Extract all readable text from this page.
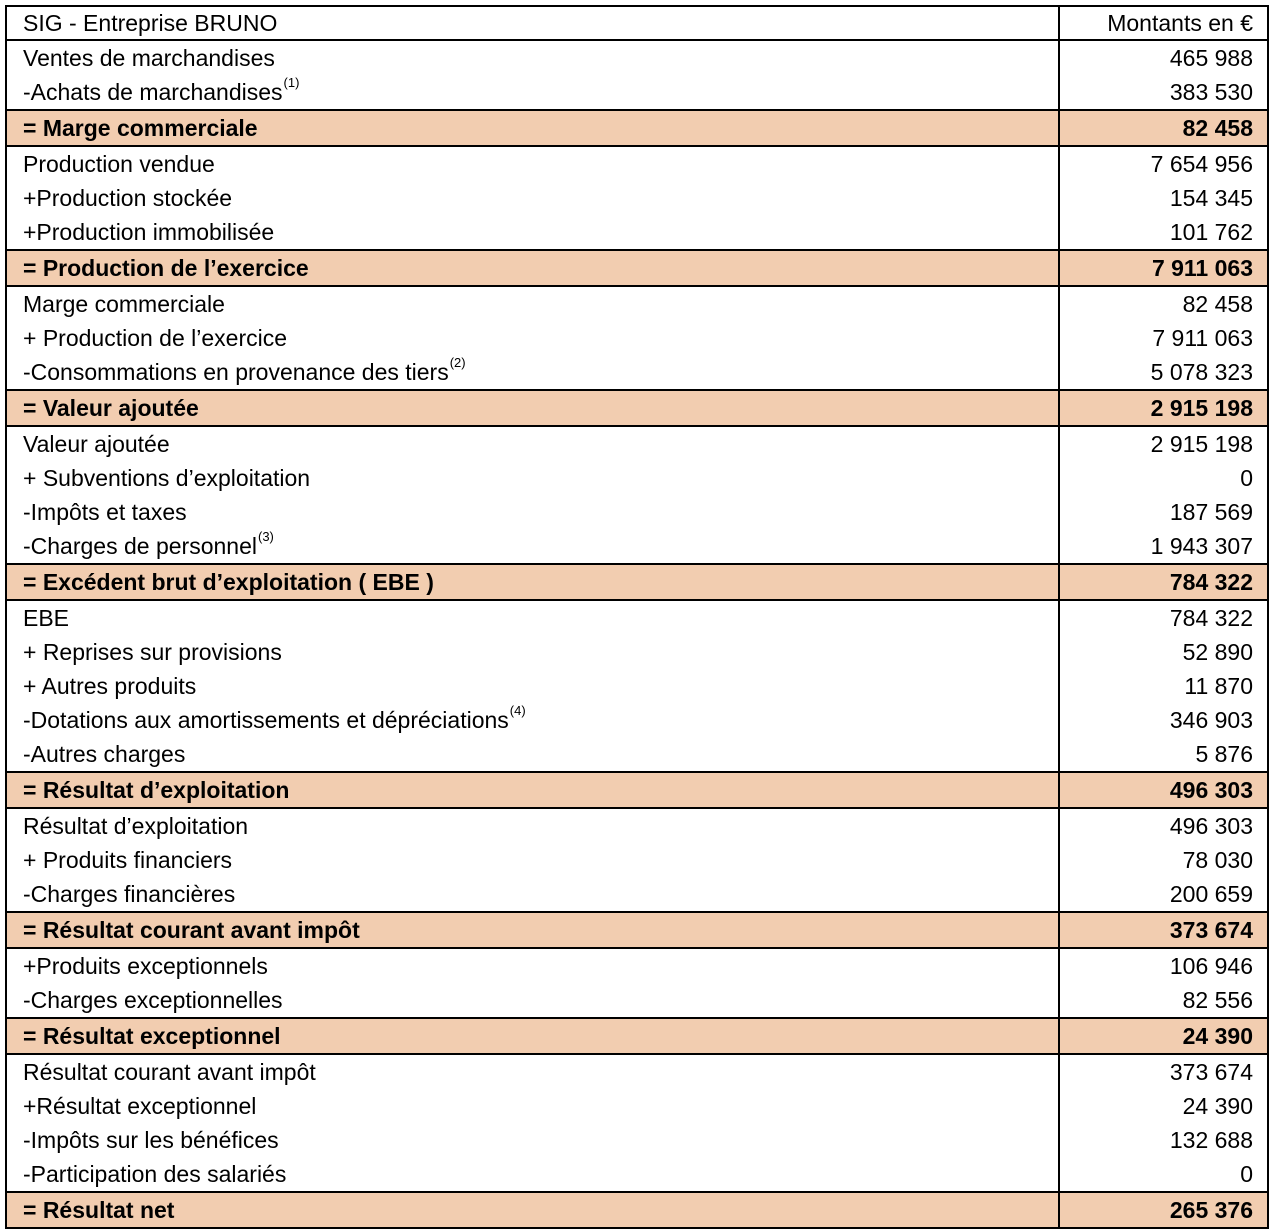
SIG - Entreprise BRUNO	Montants en €
Ventes de marchandises	465 988
-Achats de marchandises$^{(1)}$	383 530
= Marge commerciale	82 458
Production vendue	7 654 956
+Production stockée	154 345
+Production immobilisée	101 762
= Production de l’exercice	7 911 063
Marge commerciale	82 458
+ Production de l’exercice	7 911 063
-Consommations en provenance des tiers$^{(2)}$	5 078 323
= Valeur ajoutée	2 915 198
Valeur ajoutée	2 915 198
+ Subventions d’exploitation	0
-Impôts et taxes	187 569
-Charges de personnel$^{(3)}$	1 943 307
= Excédent brut d’exploitation ( EBE )	784 322
EBE	784 322
+ Reprises sur provisions	52 890
+ Autres produits	11 870
-Dotations aux amortissements et dépréciations$^{(4)}$	346 903
-Autres charges	5 876
= Résultat d’exploitation	496 303
Résultat d’exploitation	496 303
+ Produits financiers	78 030
-Charges financières	200 659
= Résultat courant avant impôt	373 674
+Produits exceptionnels	106 946
-Charges exceptionnelles	82 556
= Résultat exceptionnel	24 390
Résultat courant avant impôt	373 674
+Résultat exceptionnel	24 390
-Impôts sur les bénéfices	132 688
-Participation des salariés	0
= Résultat net	265 376
